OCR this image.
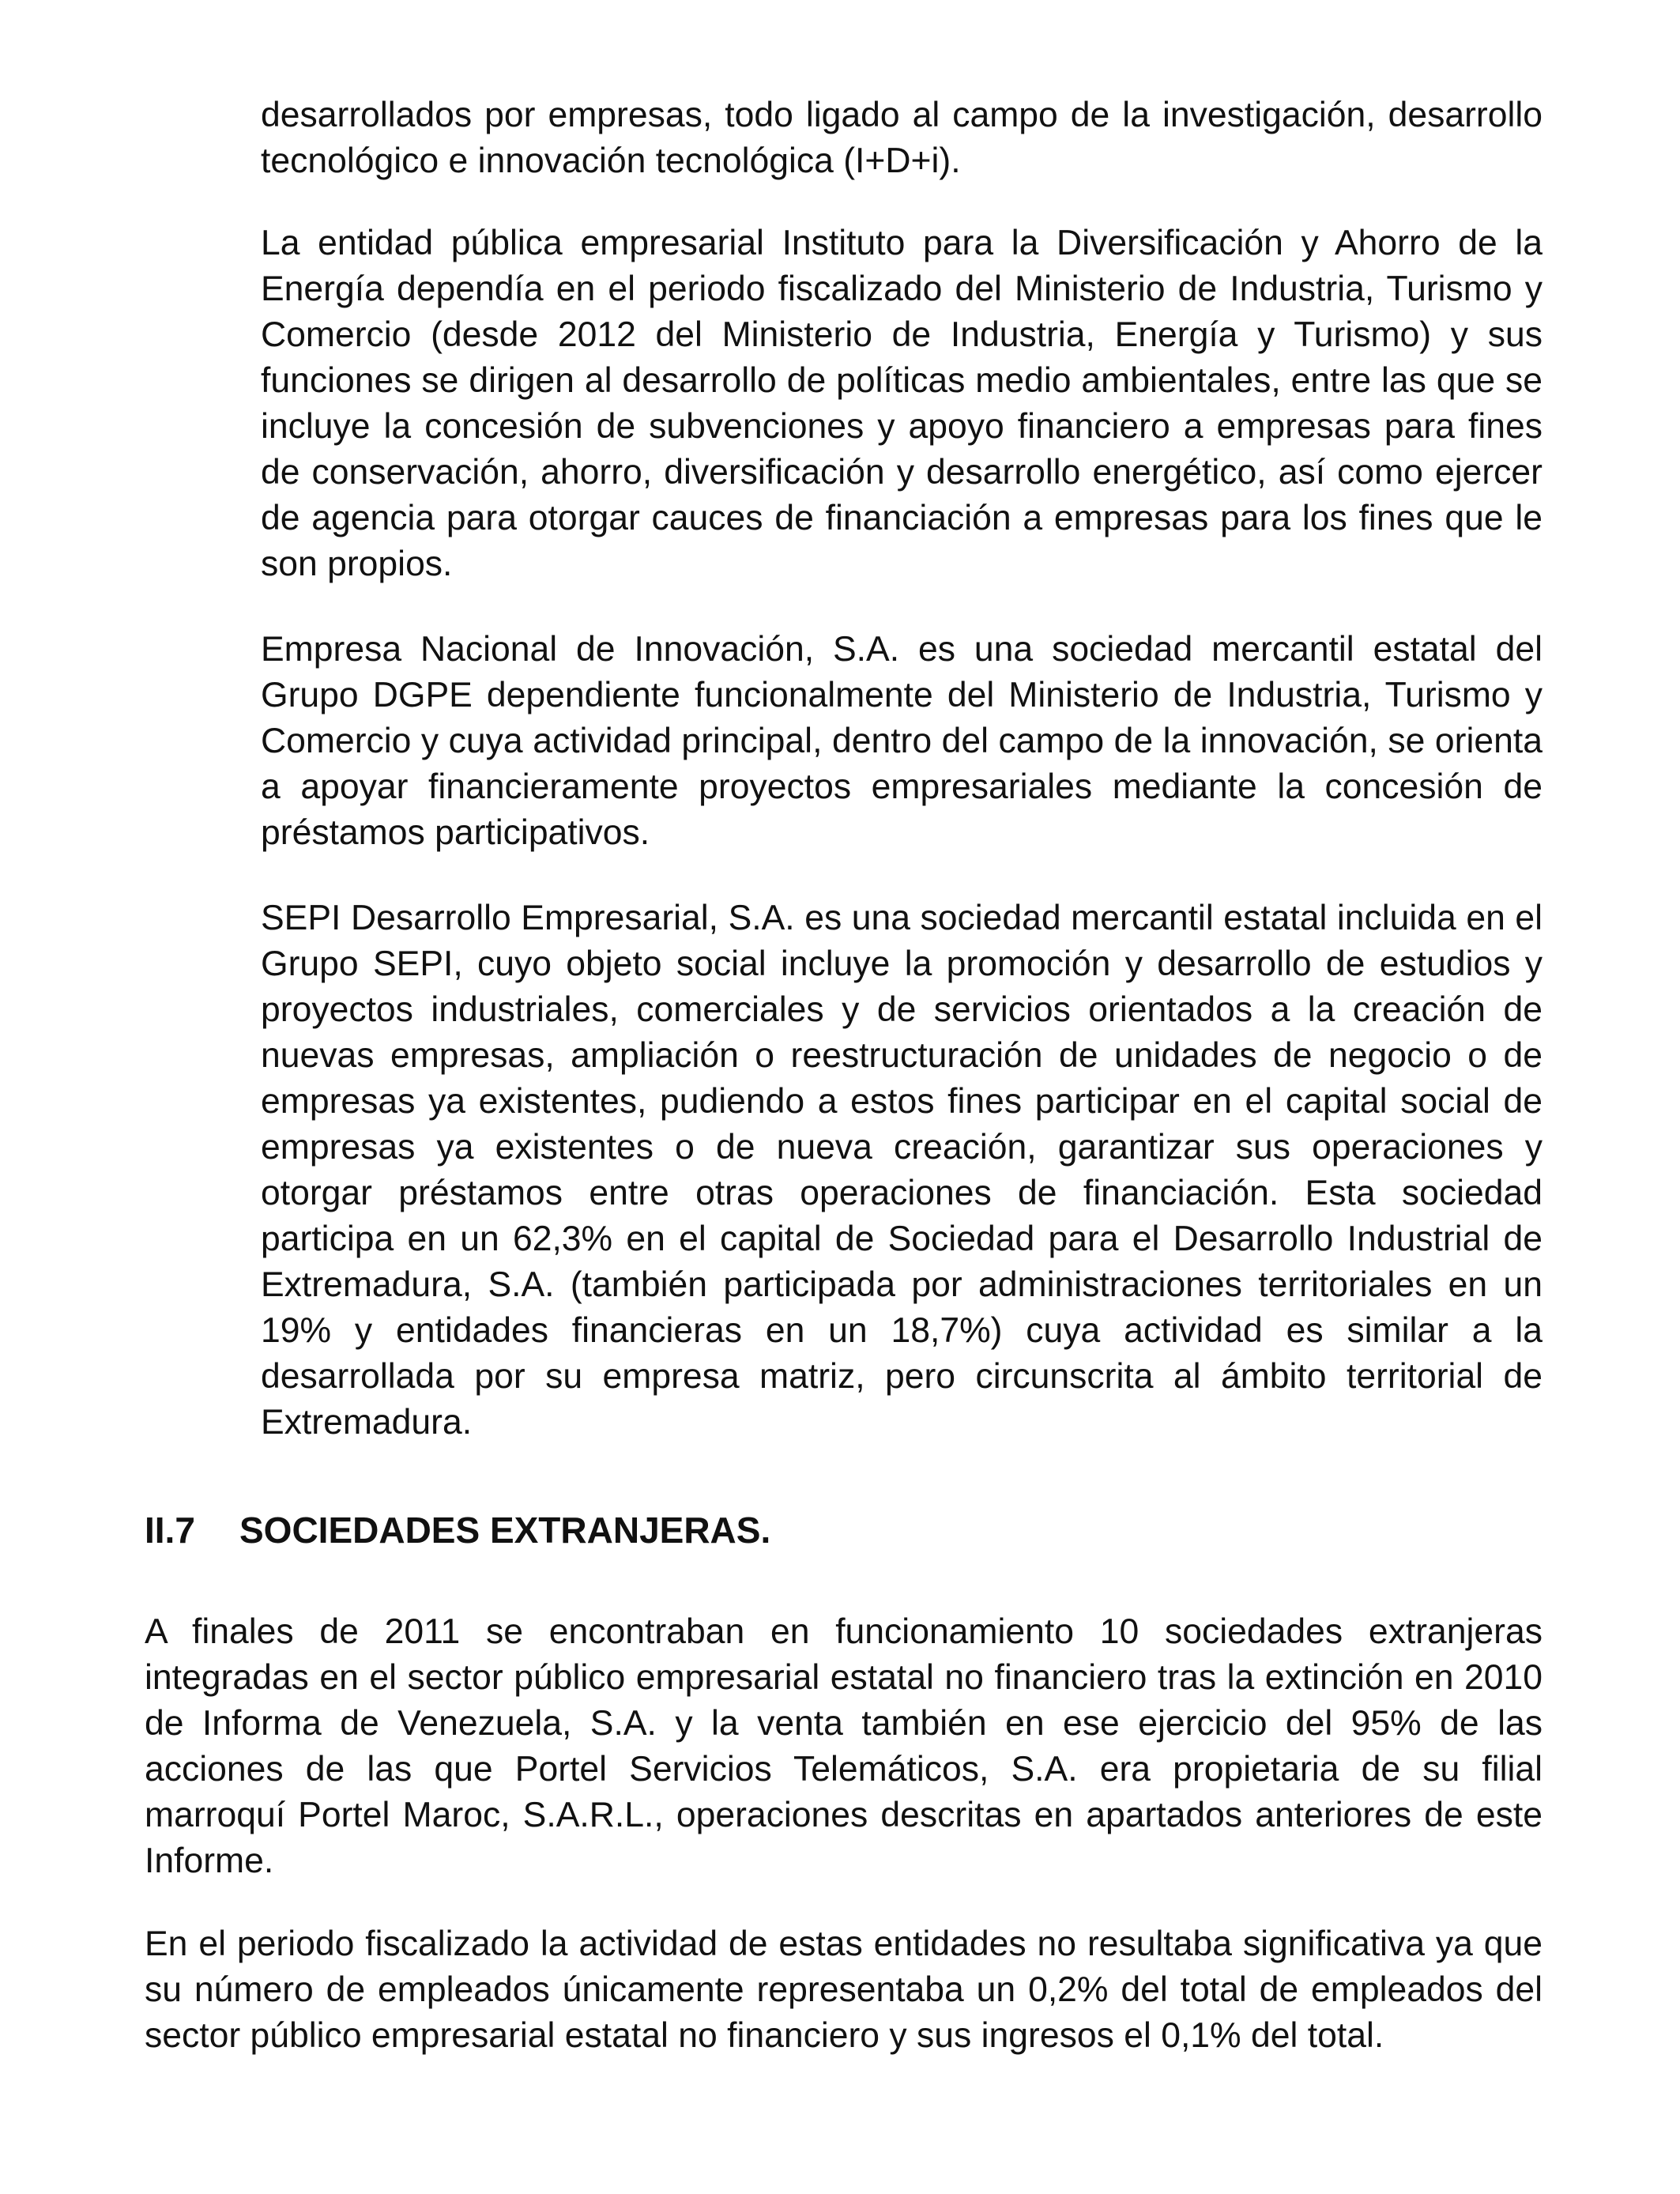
desarrollados por empresas, todo ligado al campo de la investigación, desarrollo tecnológico e innovación tecnológica (I+D+i).

La entidad pública empresarial Instituto para la Diversificación y Ahorro de la Energía dependía en el periodo fiscalizado del Ministerio de Industria, Turismo y Comercio (desde 2012 del Ministerio de Industria, Energía y Turismo) y sus funciones se dirigen al desarrollo de políticas medio ambientales, entre las que se incluye la concesión de subvenciones y apoyo financiero a empresas para fines de conservación, ahorro, diversificación y desarrollo energético, así como ejercer de agencia para otorgar cauces de financiación a empresas para los fines que le son propios.

Empresa Nacional de Innovación, S.A. es una sociedad mercantil estatal del Grupo DGPE dependiente funcionalmente del Ministerio de Industria, Turismo y Comercio y cuya actividad principal, dentro del campo de la innovación, se orienta a apoyar financieramente proyectos empresariales mediante la concesión de préstamos participativos.

SEPI Desarrollo Empresarial, S.A. es una sociedad mercantil estatal incluida en el Grupo SEPI, cuyo objeto social incluye la promoción y desarrollo de estudios y proyectos industriales, comerciales y de servicios orientados a la creación de nuevas empresas, ampliación o reestructuración de unidades de negocio o de empresas ya existentes, pudiendo a estos fines participar en el capital social de empresas ya existentes o de nueva creación, garantizar sus operaciones y otorgar préstamos entre otras operaciones de financiación. Esta sociedad participa en un 62,3% en el capital de Sociedad para el Desarrollo Industrial de Extremadura, S.A. (también participada por administraciones territoriales en un 19% y entidades financieras en un 18,7%) cuya actividad es similar a la desarrollada por su empresa matriz, pero circunscrita al ámbito territorial de Extremadura.

II.7 SOCIEDADES EXTRANJERAS.

A finales de 2011 se encontraban en funcionamiento 10 sociedades extranjeras integradas en el sector público empresarial estatal no financiero tras la extinción en 2010 de Informa de Venezuela, S.A. y la venta también en ese ejercicio del 95% de las acciones de las que Portel Servicios Telemáticos, S.A. era propietaria de su filial marroquí Portel Maroc, S.A.R.L., operaciones descritas en apartados anteriores de este Informe.

En el periodo fiscalizado la actividad de estas entidades no resultaba significativa ya que su número de empleados únicamente representaba un 0,2% del total de empleados del sector público empresarial estatal no financiero y sus ingresos el 0,1% del total.
